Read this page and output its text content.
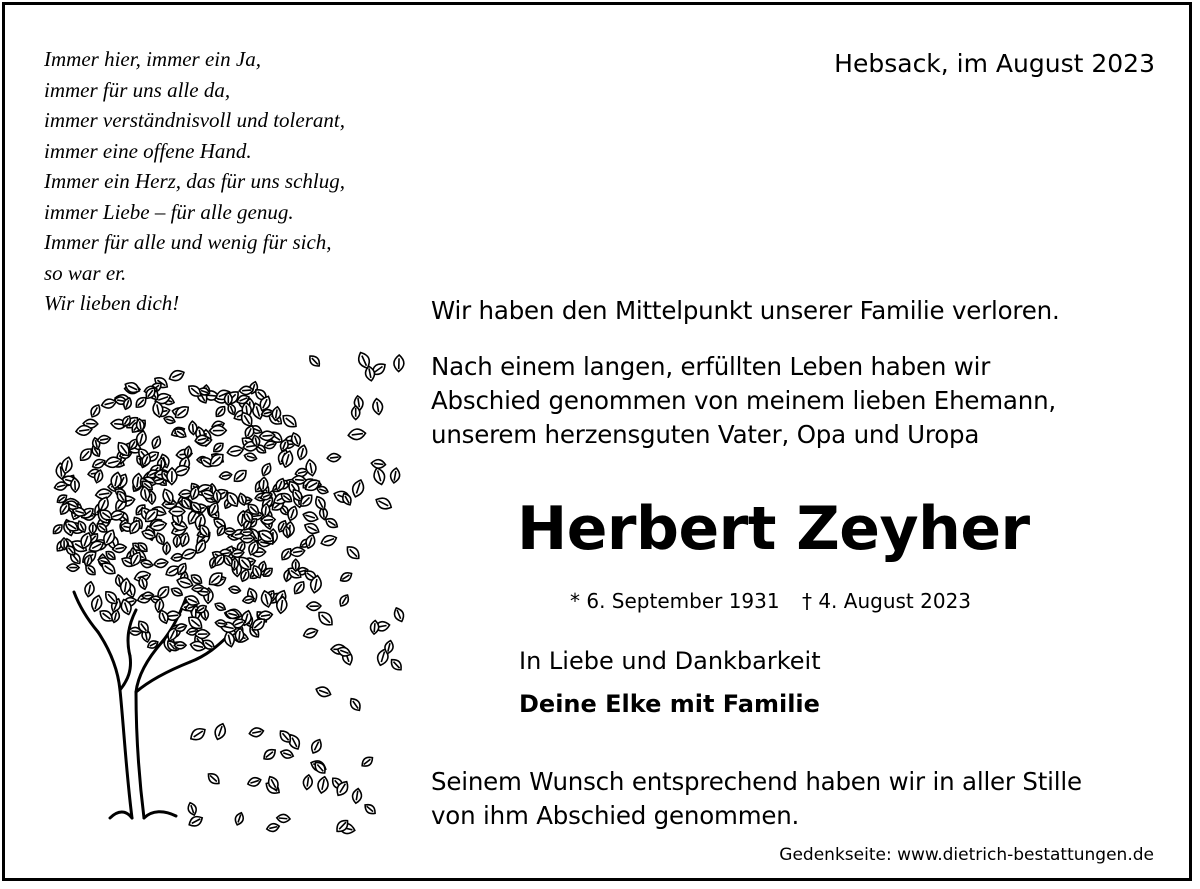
Immer hier, immer ein Ja,
immer für uns alle da,
immer verständnisvoll und tolerant,
immer eine offene Hand.
Immer ein Herz, das für uns schlug,
immer Liebe – für alle genug.
Immer für alle und wenig für sich,
so war er.
Wir lieben dich!
Hebsack, im August 2023
Wir haben den Mittelpunkt unserer Familie verloren.
Nach einem langen, erfüllten Leben haben wir
Abschied genommen von meinem lieben Ehemann,
unserem herzensguten Vater, Opa und Uropa
Herbert Zeyher
* 6. September 1931 † 4. August 2023
In Liebe und Dankbarkeit
Deine Elke mit Familie
Seinem Wunsch entsprechend haben wir in aller Stille
von ihm Abschied genommen.
Gedenkseite: www.dietrich-bestattungen.de
